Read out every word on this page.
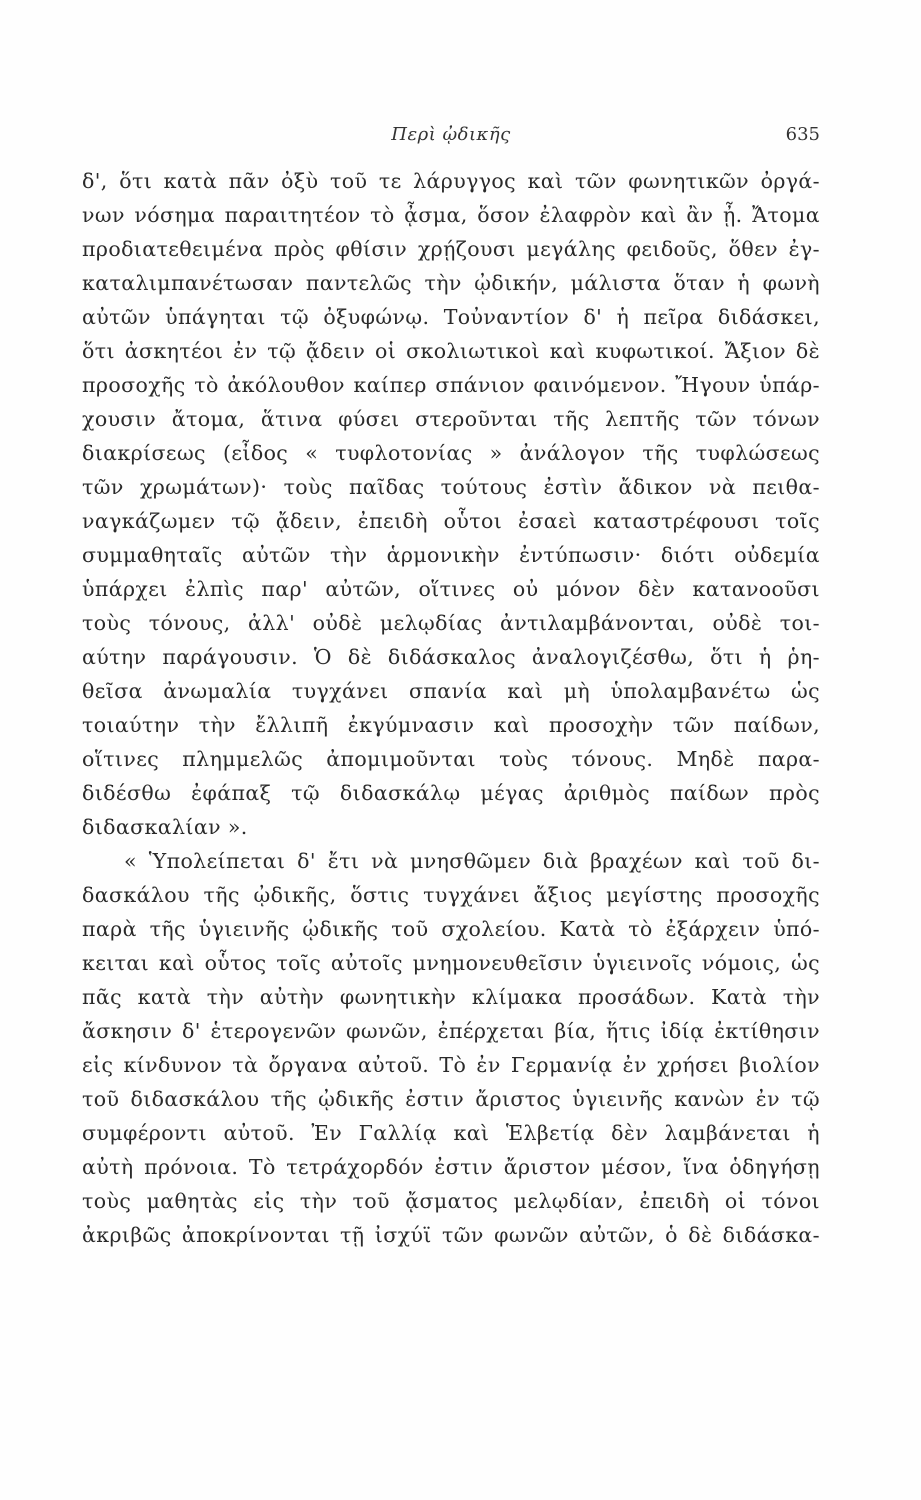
Περὶ ᾠδικῆς	635
δ', ὅτι κατὰ πᾶν ὀξὺ τοῦ τε λάρυγγος καὶ τῶν φωνητικῶν ὀργά-
νων νόσημα παραιτητέον τὸ ᾆσμα, ὅσον ἐλαφρὸν καὶ ἂν ᾖ. Ἄτομα
προδιατεθειμένα πρὸς φθίσιν χρῄζουσι μεγάλης φειδοῦς, ὅθεν ἐγ-
καταλιμπανέτωσαν παντελῶς τὴν ᾠδικήν, μάλιστα ὅταν ἡ φωνὴ
αὐτῶν ὑπάγηται τῷ ὀξυφώνῳ. Τοὐναντίον δ' ἡ πεῖρα διδάσκει,
ὅτι ἀσκητέοι ἐν τῷ ᾄδειν οἱ σκολιωτικοὶ καὶ κυφωτικοί. Ἄξιον δὲ
προσοχῆς τὸ ἀκόλουθον καίπερ σπάνιον φαινόμενον. Ἤγουν ὑπάρ-
χουσιν ἄτομα, ἅτινα φύσει στεροῦνται τῆς λεπτῆς τῶν τόνων
διακρίσεως (εἶδος « τυφλοτονίας » ἀνάλογον τῆς τυφλώσεως
τῶν χρωμάτων)· τοὺς παῖδας τούτους ἐστὶν ἄδικον νὰ πειθα-
ναγκάζωμεν τῷ ᾄδειν, ἐπειδὴ οὗτοι ἐσαεὶ καταστρέφουσι τοῖς
συμμαθηταῖς αὐτῶν τὴν ἁρμονικὴν ἐντύπωσιν· διότι οὐδεμία
ὑπάρχει ἐλπὶς παρ' αὐτῶν, οἵτινες οὐ μόνον δὲν κατανοοῦσι
τοὺς τόνους, ἀλλ' οὐδὲ μελῳδίας ἀντιλαμβάνονται, οὐδὲ τοι-
αύτην παράγουσιν. Ὁ δὲ διδάσκαλος ἀναλογιζέσθω, ὅτι ἡ ῥη-
θεῖσα ἀνωμαλία τυγχάνει σπανία καὶ μὴ ὑπολαμβανέτω ὡς
τοιαύτην τὴν ἔλλιπῆ ἐκγύμνασιν καὶ προσοχὴν τῶν παίδων,
οἵτινες πλημμελῶς ἀπομιμοῦνται τοὺς τόνους. Μηδὲ παρα-
διδέσθω ἐφάπαξ τῷ διδασκάλῳ μέγας ἀριθμὸς παίδων πρὸς
διδασκαλίαν ».
« Ὑπολείπεται δ' ἔτι νὰ μνησθῶμεν διὰ βραχέων καὶ τοῦ δι-
δασκάλου τῆς ᾠδικῆς, ὅστις τυγχάνει ἄξιος μεγίστης προσοχῆς
παρὰ τῆς ὑγιεινῆς ᾠδικῆς τοῦ σχολείου. Κατὰ τὸ ἐξάρχειν ὑπό-
κειται καὶ οὗτος τοῖς αὐτοῖς μνημονευθεῖσιν ὑγιεινοῖς νόμοις, ὡς
πᾶς κατὰ τὴν αὐτὴν φωνητικὴν κλίμακα προσάδων. Κατὰ τὴν
ἄσκησιν δ' ἑτερογενῶν φωνῶν, ἐπέρχεται βία, ἥτις ἰδίᾳ ἐκτίθησιν
εἰς κίνδυνον τὰ ὄργανα αὐτοῦ. Τὸ ἐν Γερμανίᾳ ἐν χρήσει βιολίον
τοῦ διδασκάλου τῆς ᾠδικῆς ἐστιν ἄριστος ὑγιεινῆς κανὼν ἐν τῷ
συμφέροντι αὐτοῦ. Ἐν Γαλλίᾳ καὶ Ἑλβετίᾳ δὲν λαμβάνεται ἡ
αὐτὴ πρόνοια. Τὸ τετράχορδόν ἐστιν ἄριστον μέσον, ἵνα ὁδηγήσῃ
τοὺς μαθητὰς εἰς τὴν τοῦ ᾄσματος μελῳδίαν, ἐπειδὴ οἱ τόνοι
ἀκριβῶς ἀποκρίνονται τῇ ἰσχύϊ τῶν φωνῶν αὐτῶν, ὁ δὲ διδάσκα-
